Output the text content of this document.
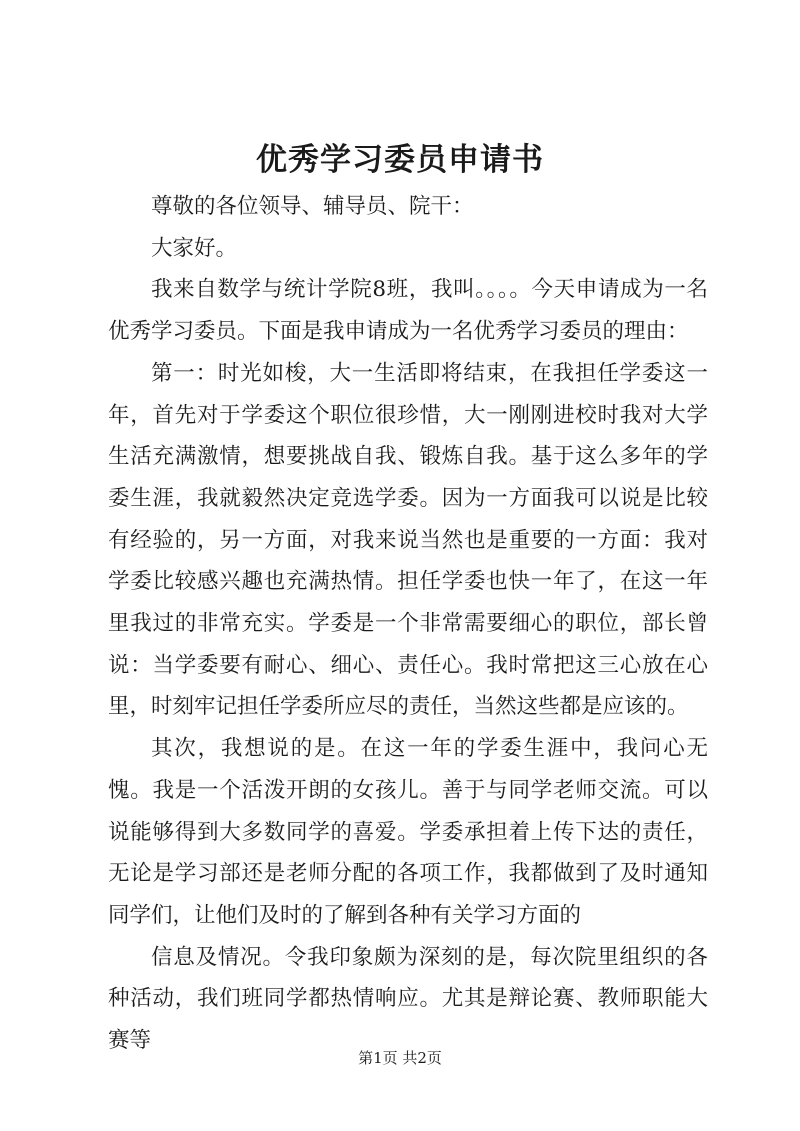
优秀学习委员申请书

尊敬的各位领导、辅导员、院干：

大家好。

我来自数学与统计学院8班，我叫。。。。今天申请成为一名优秀学习委员。下面是我申请成为一名优秀学习委员的理由：

第一：时光如梭，大一生活即将结束，在我担任学委这一年，首先对于学委这个职位很珍惜，大一刚刚进校时我对大学生活充满激情，想要挑战自我、锻炼自我。基于这么多年的学委生涯，我就毅然决定竞选学委。因为一方面我可以说是比较有经验的，另一方面，对我来说当然也是重要的一方面：我对学委比较感兴趣也充满热情。担任学委也快一年了，在这一年里我过的非常充实。学委是一个非常需要细心的职位，部长曾说：当学委要有耐心、细心、责任心。我时常把这三心放在心里，时刻牢记担任学委所应尽的责任，当然这些都是应该的。

其次，我想说的是。在这一年的学委生涯中，我问心无愧。我是一个活泼开朗的女孩儿。善于与同学老师交流。可以说能够得到大多数同学的喜爱。学委承担着上传下达的责任，无论是学习部还是老师分配的各项工作，我都做到了及时通知同学们，让他们及时的了解到各种有关学习方面的

信息及情况。令我印象颇为深刻的是，每次院里组织的各种活动，我们班同学都热情响应。尤其是辩论赛、教师职能大赛等

第1页 共2页
